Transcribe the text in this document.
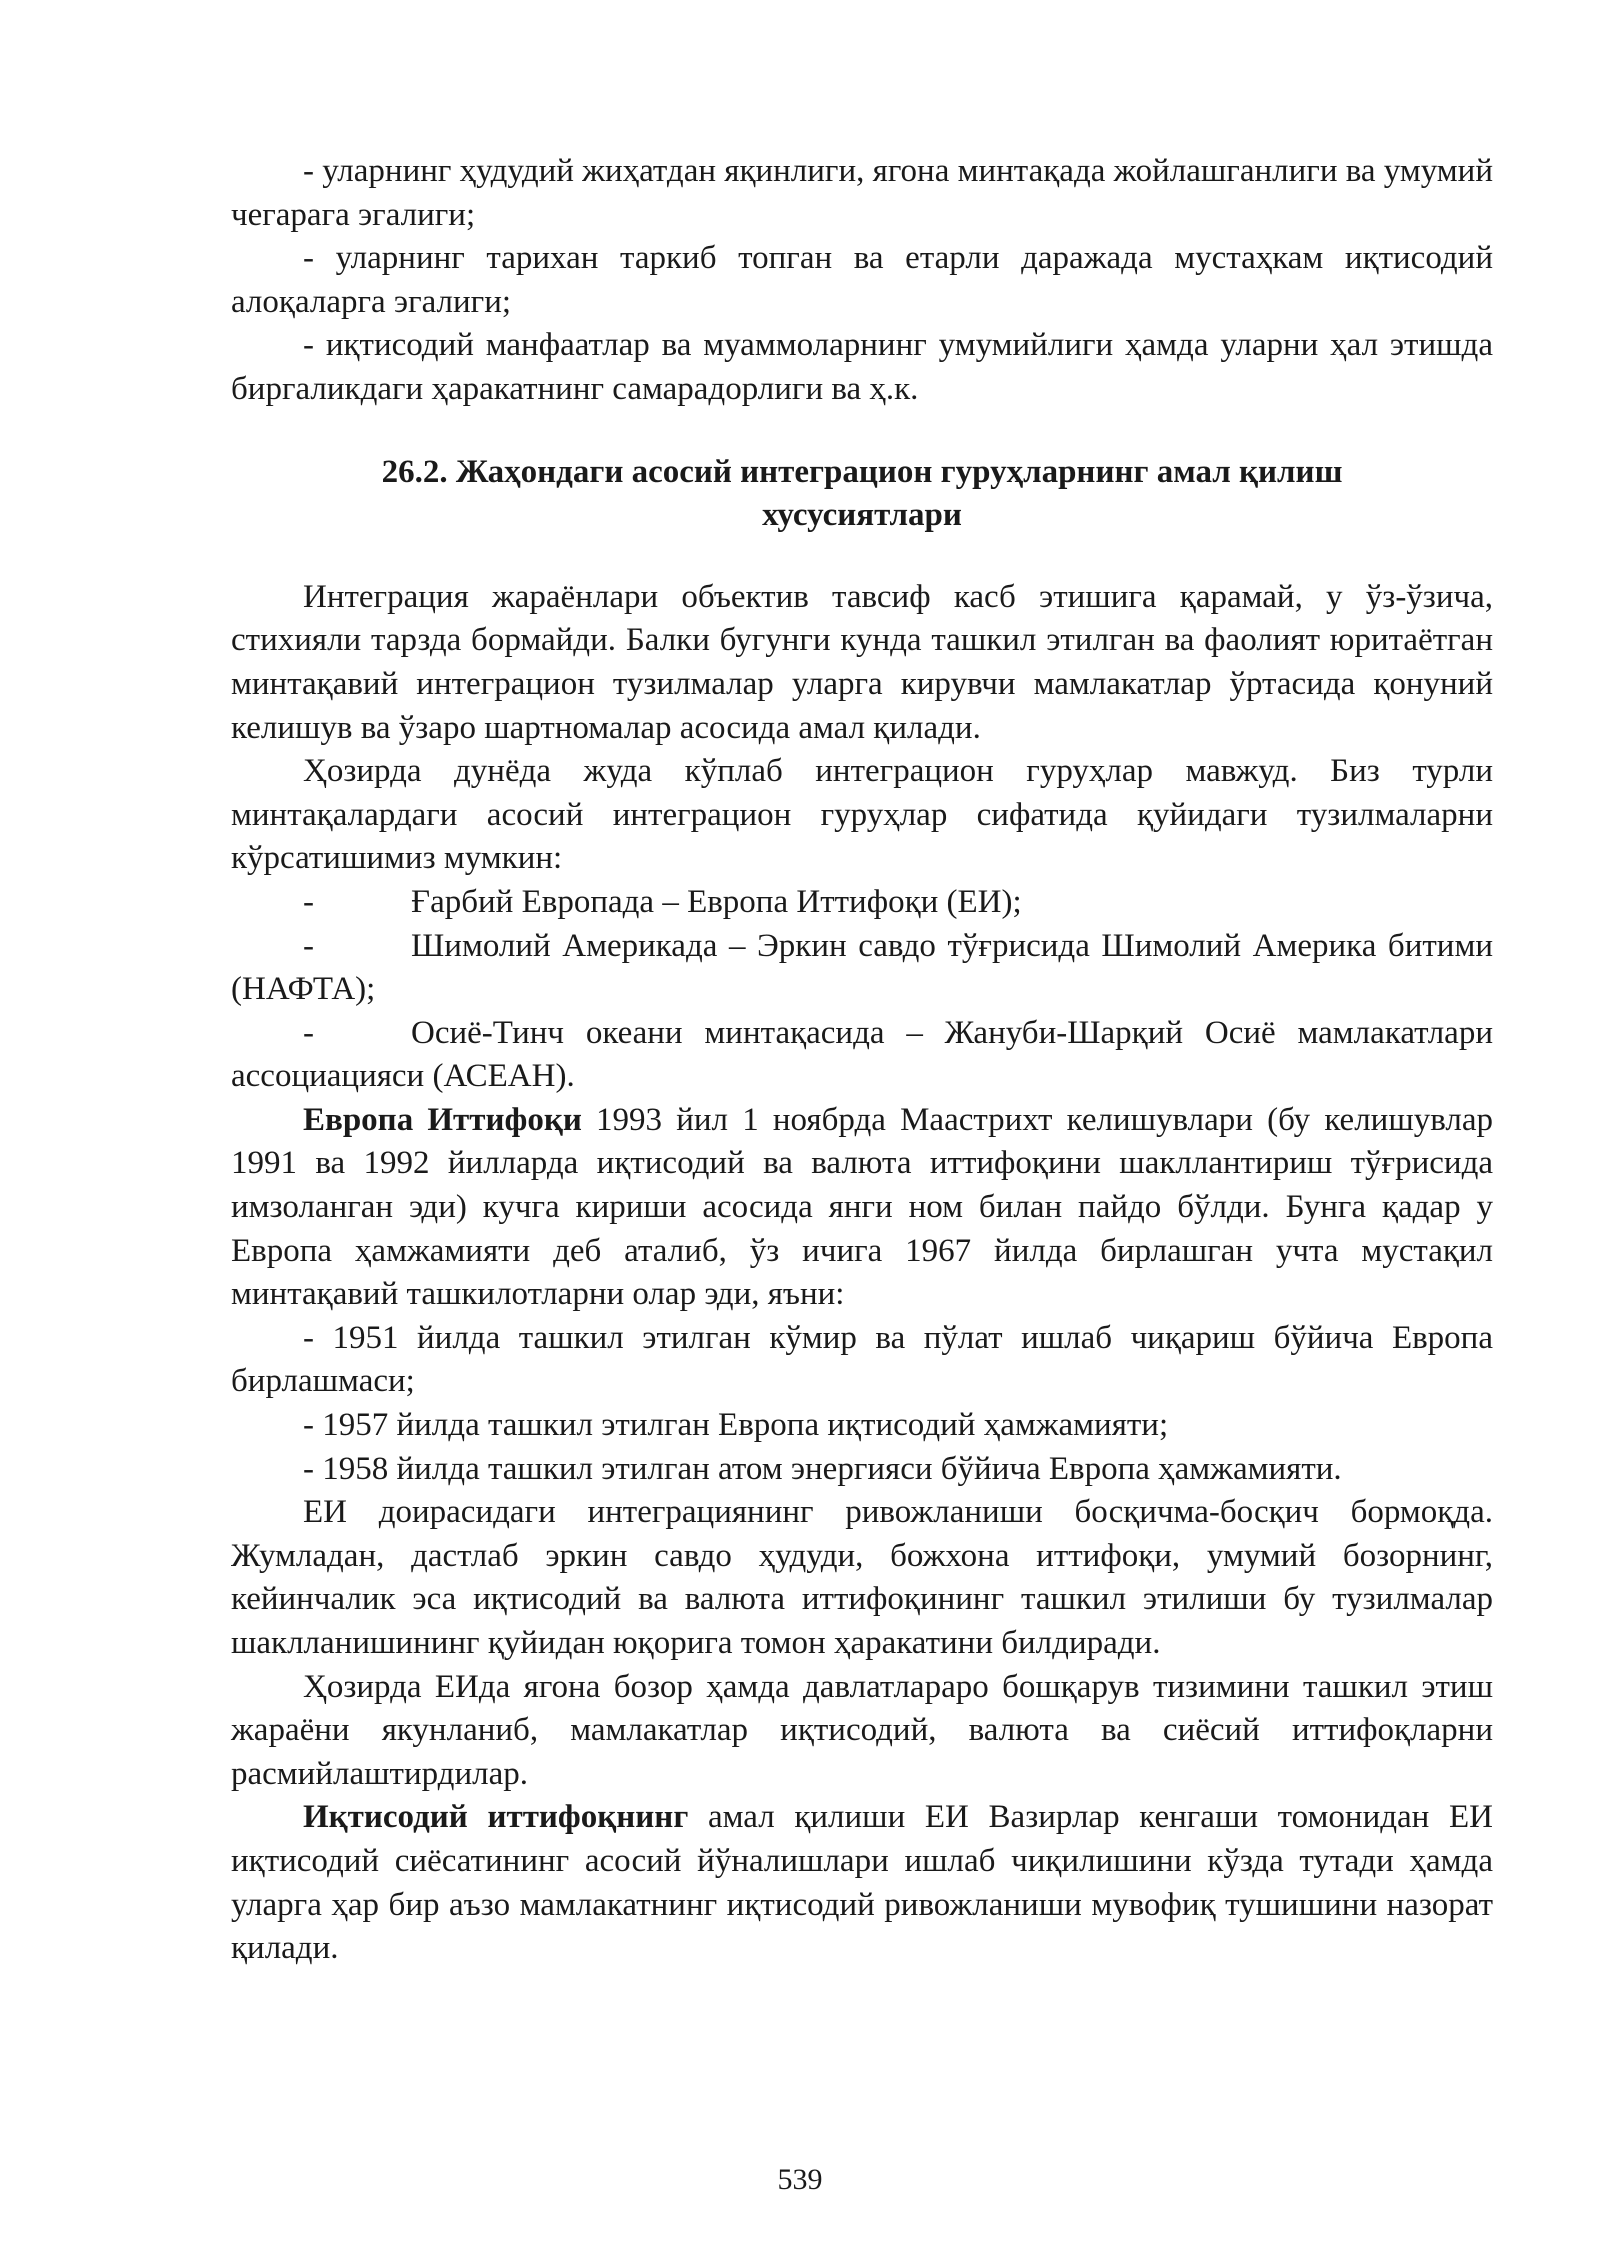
- уларнинг ҳудудий жиҳатдан яқинлиги, ягона минтақада жойлашганлиги ва умумий чегарага эгалиги;

- уларнинг тарихан таркиб топган ва етарли даражада мустаҳкам иқтисодий алоқаларга эгалиги;

- иқтисодий манфаатлар ва муаммоларнинг умумийлиги ҳамда уларни ҳал этишда биргаликдаги ҳаракатнинг самарадорлиги ва ҳ.к.

26.2. Жаҳондаги асосий интеграцион гуруҳларнинг амал қилиш хусусиятлари

Интеграция жараёнлари объектив тавсиф касб этишига қарамай, у ўз-ўзича, стихияли тарзда бормайди. Балки бугунги кунда ташкил этилган ва фаолият юритаётган минтақавий интеграцион тузилмалар уларга кирувчи мамлакатлар ўртасида қонуний келишув ва ўзаро шартномалар асосида амал қилади.

Ҳозирда дунёда жуда кўплаб интеграцион гуруҳлар мавжуд. Биз турли минтақалардаги асосий интеграцион гуруҳлар сифатида қуйидаги тузилмаларни кўрсатишимиз мумкин:

-	Ғарбий Европада – Европа Иттифоқи (ЕИ);

-	Шимолий Америкада – Эркин савдо тўғрисида Шимолий Америка битими (НАФТА);

-	Осиё-Тинч океани минтақасида – Жануби-Шарқий Осиё мамлакатлари ассоциацияси (АСЕАН).

Европа Иттифоқи 1993 йил 1 ноябрда Маастрихт келишувлари (бу келишувлар 1991 ва 1992 йилларда иқтисодий ва валюта иттифоқини шакллантириш тўғрисида имзоланган эди) кучга кириши асосида янги ном билан пайдо бўлди. Бунга қадар у Европа ҳамжамияти деб аталиб, ўз ичига 1967 йилда бирлашган учта мустақил минтақавий ташкилотларни олар эди, яъни:

- 1951 йилда ташкил этилган кўмир ва пўлат ишлаб чиқариш бўйича Европа бирлашмаси;

- 1957 йилда ташкил этилган Европа иқтисодий ҳамжамияти;

- 1958 йилда ташкил этилган атом энергияси бўйича Европа ҳамжамияти.

ЕИ доирасидаги интеграциянинг ривожланиши босқичма-босқич бормоқда. Жумладан, дастлаб эркин савдо ҳудуди, божхона иттифоқи, умумий бозорнинг, кейинчалик эса иқтисодий ва валюта иттифоқининг ташкил этилиши бу тузилмалар шаклланишининг қуйидан юқорига томон ҳаракатини билдиради.

Ҳозирда ЕИда ягона бозор ҳамда давлатлараро бошқарув тизимини ташкил этиш жараёни якунланиб, мамлакатлар иқтисодий, валюта ва сиёсий иттифоқларни расмийлаштирдилар.

Иқтисодий иттифоқнинг амал қилиши ЕИ Вазирлар кенгаши томонидан ЕИ иқтисодий сиёсатининг асосий йўналишлари ишлаб чиқилишини кўзда тутади ҳамда уларга ҳар бир аъзо мамлакатнинг иқтисодий ривожланиши мувофиқ тушишини назорат қилади.

539
